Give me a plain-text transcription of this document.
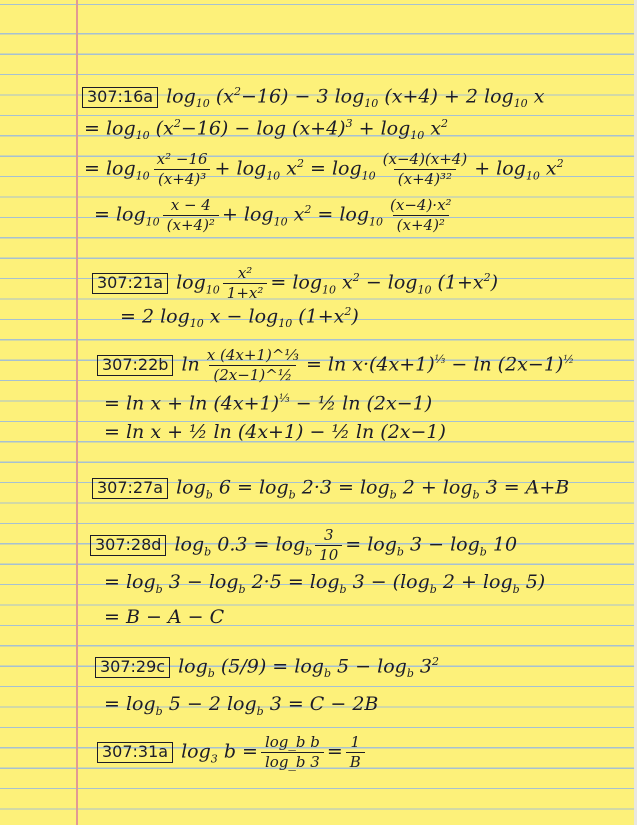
307:16a $\log_{10} (x^2-16) - 3$ $\log_{10} (x+4) + 2$ $\log_{10} x$
= $\log_{10} (x^2-16) - \log (x+4)^3 + \log_{10} x^2$
= $\log_{10} \frac{\text{x² −16}}{\text{(x+4)³}} + \log_{10} x^2 = \log_{10} \frac{(x-4)(x+4)}{\text{(x+4)³²}} + \log_{10} x^2$
= $\log_{10} \frac{x - 4}{\text{(x+4)²}} + \log_{10} x^2 = \log_{10} \frac{\text{(x−4)·x²}}{\text{(x+4)²}}$
307:21a $\log_{10} \frac{\text{x²}}{\text{1+x²}} = \log_{10} x^2 - \log_{10} (1+x^2)$
= 2 $\log_{10} x - \log_{10} (1+x^2)$
307:22b $\ln \frac{\text{x (4x+1)\textasciicircum{}⅓}}{\text{(2x−1)\textasciicircum{}½}} = \ln x\cdot(4x+1)^{\frac{1}{3}} - \ln (2x-1)^{\frac{1}{2}}$
= $\ln x + \ln (4x+1)^{\frac{1}{3}}$ − ½ ln (2x−1)
= ln x + ½ ln (4x+1) − ½ ln (2x−1)
307:27a $\log_b 6 = \log_b 2\cdot 3 = \log_b 2 + \log_b 3 = A+B$
307:28d $\log_b 0.3 = \log_b \frac{3}{10} = \log_b 3 - \log_b 10$
= $\log_b 3 - \log_b 2\cdot 5 = \log_b 3 - (\log_b$ $2 + \log_b 5$)
= B − A − C
307:29c $\log_b (5/9) = \log_b 5 - \log_b 3^2$
= $\log_b 5 - 2$ $\log_b 3 = C - 2B$
307:31a $\log_3 b = \frac{\text{log\_b b}}{\log\_b 3} = \frac{1}{B}$
